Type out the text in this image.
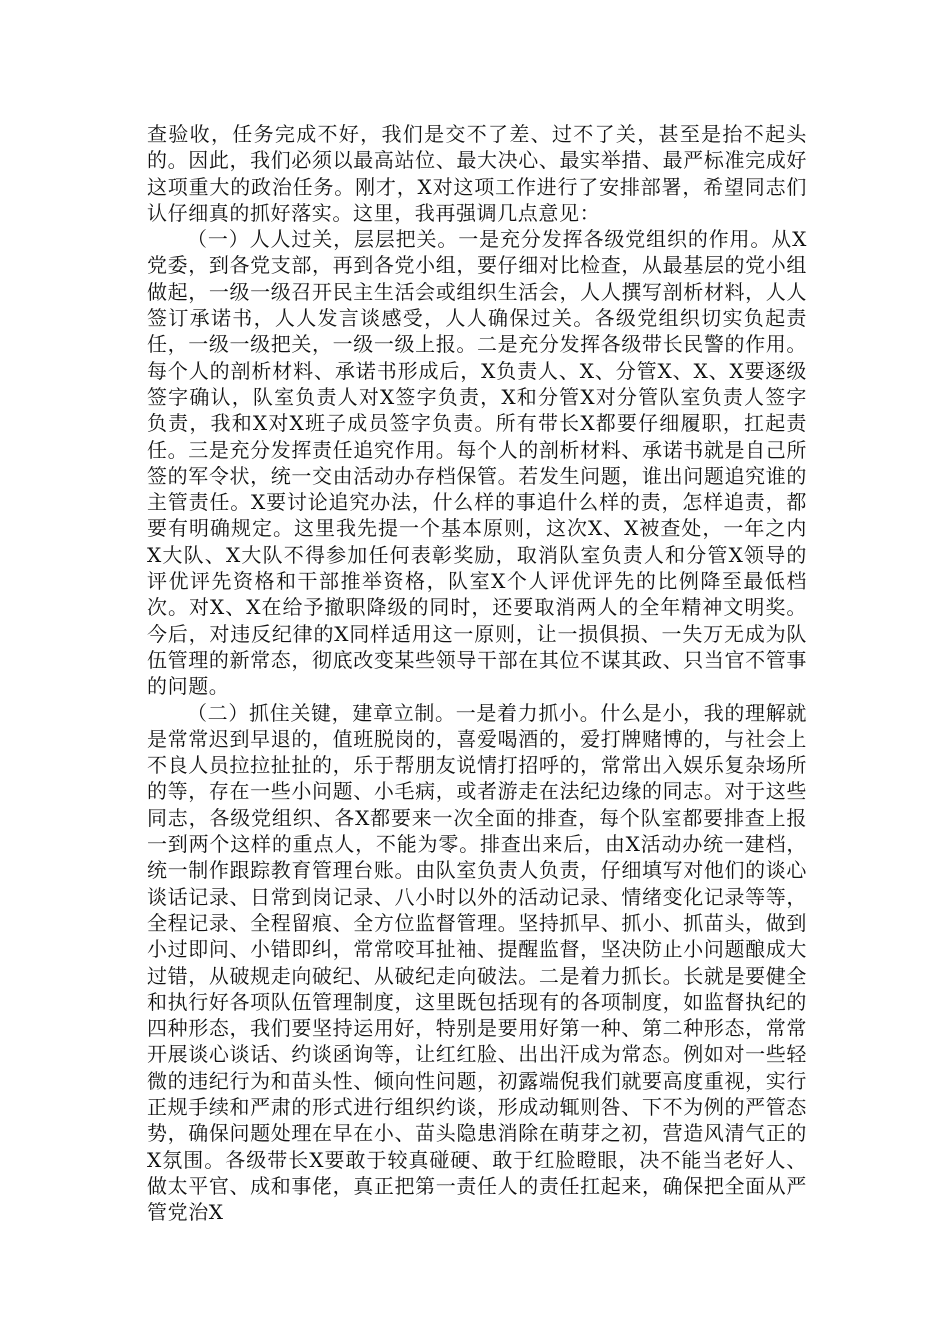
查验收，任务完成不好，我们是交不了差、过不了关，甚至是抬不起头的。因此，我们必须以最高站位、最大决心、最实举措、最严标准完成好这项重大的政治任务。刚才，X对这项工作进行了安排部署，希望同志们认仔细真的抓好落实。这里，我再强调几点意见：

（一）人人过关，层层把关。一是充分发挥各级党组织的作用。从X党委，到各党支部，再到各党小组，要仔细对比检查，从最基层的党小组做起，一级一级召开民主生活会或组织生活会，人人撰写剖析材料，人人签订承诺书，人人发言谈感受，人人确保过关。各级党组织切实负起责任，一级一级把关，一级一级上报。二是充分发挥各级带长民警的作用。每个人的剖析材料、承诺书形成后，X负责人、X、分管X、X、X要逐级签字确认，队室负责人对X签字负责，X和分管X对分管队室负责人签字负责，我和X对X班子成员签字负责。所有带长X都要仔细履职，扛起责任。三是充分发挥责任追究作用。每个人的剖析材料、承诺书就是自己所签的军令状，统一交由活动办存档保管。若发生问题，谁出问题追究谁的主管责任。X要讨论追究办法，什么样的事追什么样的责，怎样追责，都要有明确规定。这里我先提一个基本原则，这次X、X被查处，一年之内X大队、X大队不得参加任何表彰奖励，取消队室负责人和分管X领导的评优评先资格和干部推举资格，队室X个人评优评先的比例降至最低档次。对X、X在给予撤职降级的同时，还要取消两人的全年精神文明奖。今后，对违反纪律的X同样适用这一原则，让一损俱损、一失万无成为队伍管理的新常态，彻底改变某些领导干部在其位不谋其政、只当官不管事的问题。

（二）抓住关键，建章立制。一是着力抓小。什么是小，我的理解就是常常迟到早退的，值班脱岗的，喜爱喝酒的，爱打牌赌博的，与社会上不良人员拉拉扯扯的，乐于帮朋友说情打招呼的，常常出入娱乐复杂场所的等，存在一些小问题、小毛病，或者游走在法纪边缘的同志。对于这些同志，各级党组织、各X都要来一次全面的排查，每个队室都要排查上报一到两个这样的重点人，不能为零。排查出来后，由X活动办统一建档，统一制作跟踪教育管理台账。由队室负责人负责，仔细填写对他们的谈心谈话记录、日常到岗记录、八小时以外的活动记录、情绪变化记录等等，全程记录、全程留痕、全方位监督管理。坚持抓早、抓小、抓苗头，做到小过即问、小错即纠，常常咬耳扯袖、提醒监督，坚决防止小问题酿成大过错，从破规走向破纪、从破纪走向破法。二是着力抓长。长就是要健全和执行好各项队伍管理制度，这里既包括现有的各项制度，如监督执纪的四种形态，我们要坚持运用好，特别是要用好第一种、第二种形态，常常开展谈心谈话、约谈函询等，让红红脸、出出汗成为常态。例如对一些轻微的违纪行为和苗头性、倾向性问题，初露端倪我们就要高度重视，实行正规手续和严肃的形式进行组织约谈，形成动辄则咎、下不为例的严管态势，确保问题处理在早在小、苗头隐患消除在萌芽之初，营造风清气正的X氛围。各级带长X要敢于较真碰硬、敢于红脸瞪眼，决不能当老好人、做太平官、成和事佬，真正把第一责任人的责任扛起来，确保把全面从严管党治X
